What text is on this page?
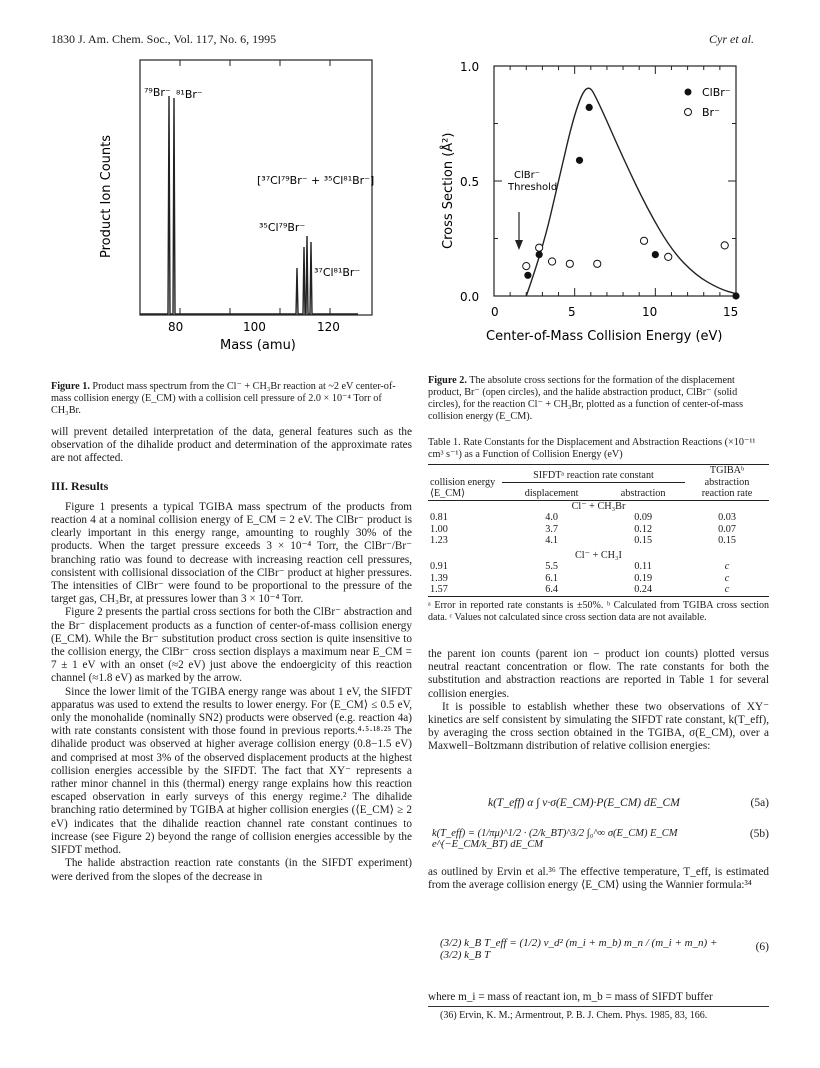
1830 J. Am. Chem. Soc., Vol. 117, No. 6, 1995	Cyr et al.
⁷⁹Br⁻ ⁸¹Br⁻
[³⁷Cl⁷⁹Br⁻ + ³⁵Cl⁸¹Br⁻]
³⁵Cl⁷⁹Br⁻
³⁷Cl⁸¹Br⁻
80	100	120
Mass (amu)
Product Ion Counts
Figure 1. Product mass spectrum from the Cl⁻ + CH₃Br reaction at ~2 eV center-of-mass collision energy (E_CM) with a collision cell pressure of 2.0 × 10⁻⁴ Torr of CH₃Br.
0.0
0.5
1.0
0	5	10	15
Center-of-Mass Collision Energy (eV)
Cross Section (Å²)
ClBr⁻
Br⁻
ClBr⁻
Threshold
Figure 2. The absolute cross sections for the formation of the displacement product, Br⁻ (open circles), and the halide abstraction product, ClBr⁻ (solid circles), for the reaction Cl⁻ + CH₃Br, plotted as a function of center-of-mass collision energy (E_CM).

will prevent detailed interpretation of the data, general features such as the observation of the dihalide product and determination of the approximate rates are not affected.

III. Results

Figure 1 presents a typical TGIBA mass spectrum of the products from reaction 4 at a nominal collision energy of E_CM = 2 eV. The ClBr⁻ product is clearly important in this energy range, amounting to roughly 30% of the products. When the target pressure exceeds 3 × 10⁻⁴ Torr, the ClBr⁻/Br⁻ branching ratio was found to decrease with increasing reaction cell pressures, consistent with collisional dissociation of the ClBr⁻ product at higher pressures. The intensities of ClBr⁻ were found to be proportional to the pressure of the target gas, CH₃Br, at pressures lower than 3 × 10⁻⁴ Torr.

Figure 2 presents the partial cross sections for both the ClBr⁻ abstraction and the Br⁻ displacement products as a function of center-of-mass collision energy (E_CM). While the Br⁻ substitution product cross section is quite insensitive to the collision energy, the ClBr⁻ cross section displays a maximum near E_CM = 7 ± 1 eV with an onset (≈2 eV) just above the endoergicity of this reaction channel (≈1.8 eV) as marked by the arrow.

Since the lower limit of the TGIBA energy range was about 1 eV, the SIFDT apparatus was used to extend the results to lower energy. For ⟨E_CM⟩ ≤ 0.5 eV, only the monohalide (nominally SN2) products were observed (e.g. reaction 4a) with rate constants consistent with those found in previous reports.⁴·⁵·¹⁸·²⁵ The dihalide product was observed at higher average collision energy (0.8−1.5 eV) and comprised at most 3% of the observed displacement products at the highest collision energies accessible by the SIFDT. The fact that XY⁻ represents a rather minor channel in this (thermal) energy range explains how this reaction escaped observation in early surveys of this energy regime.² The dihalide branching ratio determined by TGIBA at higher collision energies (⟨E_CM⟩ ≥ 2 eV) indicates that the dihalide reaction channel rate constant continues to increase (see Figure 2) beyond the range of collision energies accessible by the SIFDT method.

The halide abstraction reaction rate constants (in the SIFDT experiment) were derived from the slopes of the decrease in

Table 1. Rate Constants for the Displacement and Abstraction Reactions (×10⁻¹¹ cm³ s⁻¹) as a Function of Collision Energy (eV)
collision energy ⟨E_CM⟩	SIFDTᵃ reaction rate constant		TGIBAᵇ abstraction reaction rate
	displacement	abstraction	
Cl⁻ + CH₃Br			
0.81	4.0	0.09	0.03
1.00	3.7	0.12	0.07
1.23	4.1	0.15	0.15
Cl⁻ + CH₃I			
0.91	5.5	0.11	c
1.39	6.1	0.19	c
1.57	6.4	0.24	c
ᵃ Error in reported rate constants is ±50%. ᵇ Calculated from TGIBA cross section data. ᶜ Values not calculated since cross section data are not available.

the parent ion counts (parent ion − product ion counts) plotted versus neutral reactant concentration or flow. The rate constants for both the substitution and abstraction reactions are reported in Table 1 for several collision energies.

It is possible to establish whether these two observations of XY⁻ kinetics are self consistent by simulating the SIFDT rate constant, k(T_eff), by averaging the cross section obtained in the TGIBA, σ(E_CM), over a Maxwell−Boltzmann distribution of relative collision energies:

k(T_eff) α ∫ v·σ(E_CM)·P(E_CM) dE_CM	(5a)
k(T_eff) = (1/πμ)^1/2 · (2/k_BT)^3/2 ∫₀^∞ σ(E_CM) E_CM e^(−E_CM/k_BT) dE_CM
(5b)

as outlined by Ervin et al.³⁶ The effective temperature, T_eff, is estimated from the average collision energy ⟨E_CM⟩ using the Wannier formula:³⁴

(3/2) k_B T_eff = (1/2) v_d² (m_i + m_b) m_n / (m_i + m_n) + (3/2) k_B T
(6)

where m_i = mass of reactant ion, m_b = mass of SIFDT buffer

(36) Ervin, K. M.; Armentrout, P. B. J. Chem. Phys. 1985, 83, 166.
